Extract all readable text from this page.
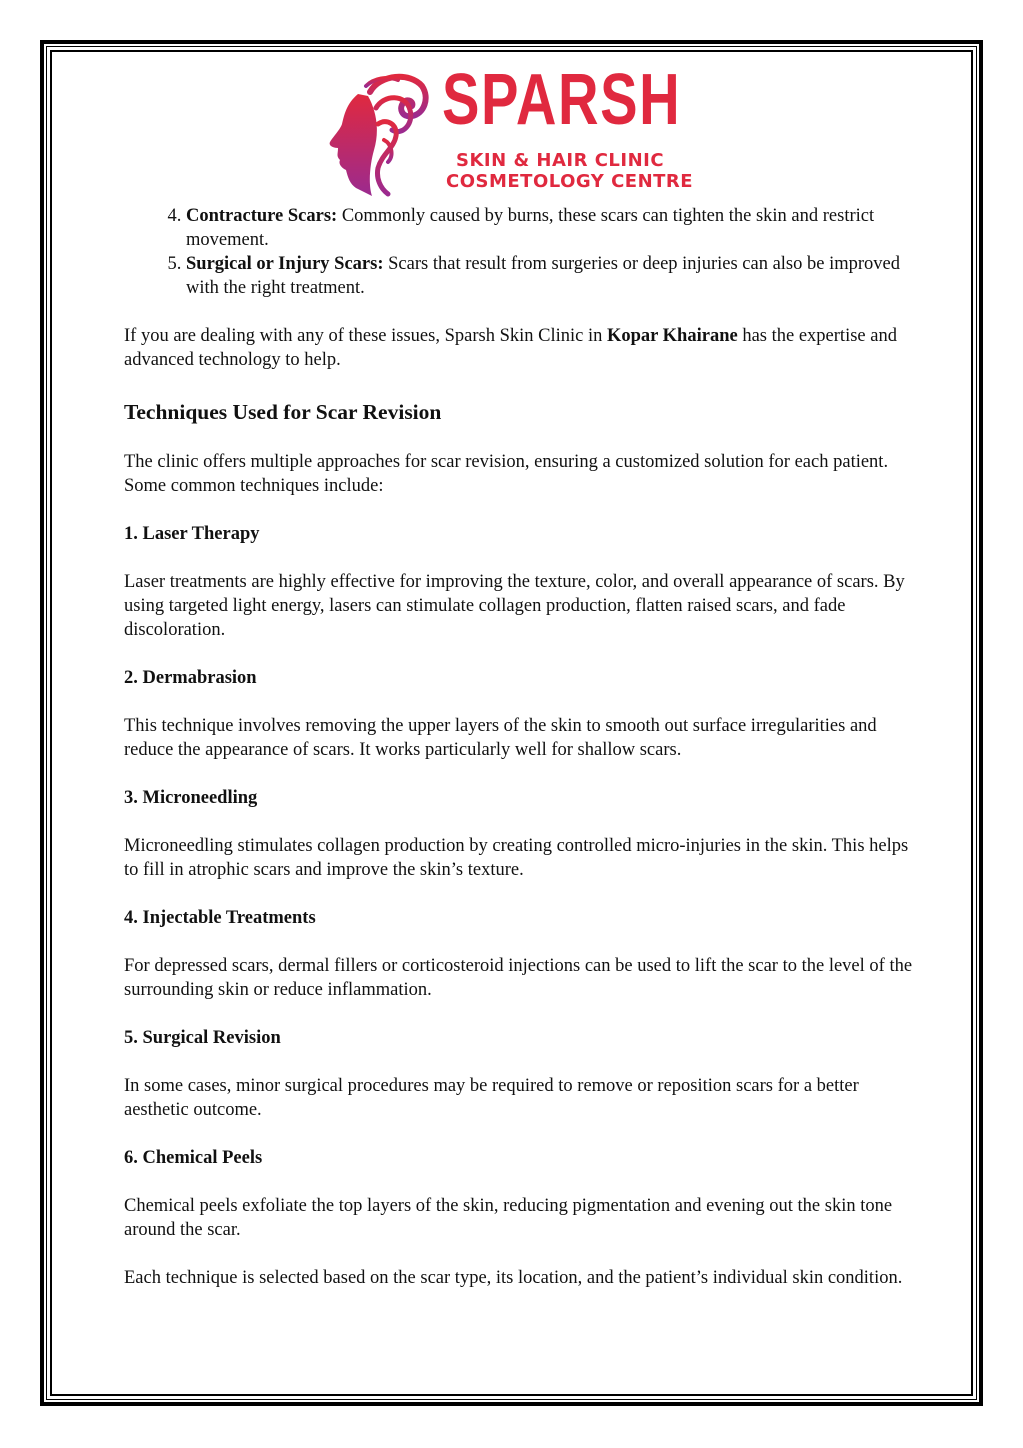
SPARSH
SKIN & HAIR CLINIC
COSMETOLOGY CENTRE
4. Contracture Scars: Commonly caused by burns, these scars can tighten the skin and restrict movement.
5. Surgical or Injury Scars: Scars that result from surgeries or deep injuries can also be improved with the right treatment.

If you are dealing with any of these issues, Sparsh Skin Clinic in Kopar Khairane has the expertise and advanced technology to help.

Techniques Used for Scar Revision

The clinic offers multiple approaches for scar revision, ensuring a customized solution for each patient. Some common techniques include:

1. Laser Therapy

Laser treatments are highly effective for improving the texture, color, and overall appearance of scars. By using targeted light energy, lasers can stimulate collagen production, flatten raised scars, and fade discoloration.

2. Dermabrasion

This technique involves removing the upper layers of the skin to smooth out surface irregularities and reduce the appearance of scars. It works particularly well for shallow scars.

3. Microneedling

Microneedling stimulates collagen production by creating controlled micro-injuries in the skin. This helps to fill in atrophic scars and improve the skin’s texture.

4. Injectable Treatments

For depressed scars, dermal fillers or corticosteroid injections can be used to lift the scar to the level of the surrounding skin or reduce inflammation.

5. Surgical Revision

In some cases, minor surgical procedures may be required to remove or reposition scars for a better aesthetic outcome.

6. Chemical Peels

Chemical peels exfoliate the top layers of the skin, reducing pigmentation and evening out the skin tone around the scar.

Each technique is selected based on the scar type, its location, and the patient’s individual skin condition.
